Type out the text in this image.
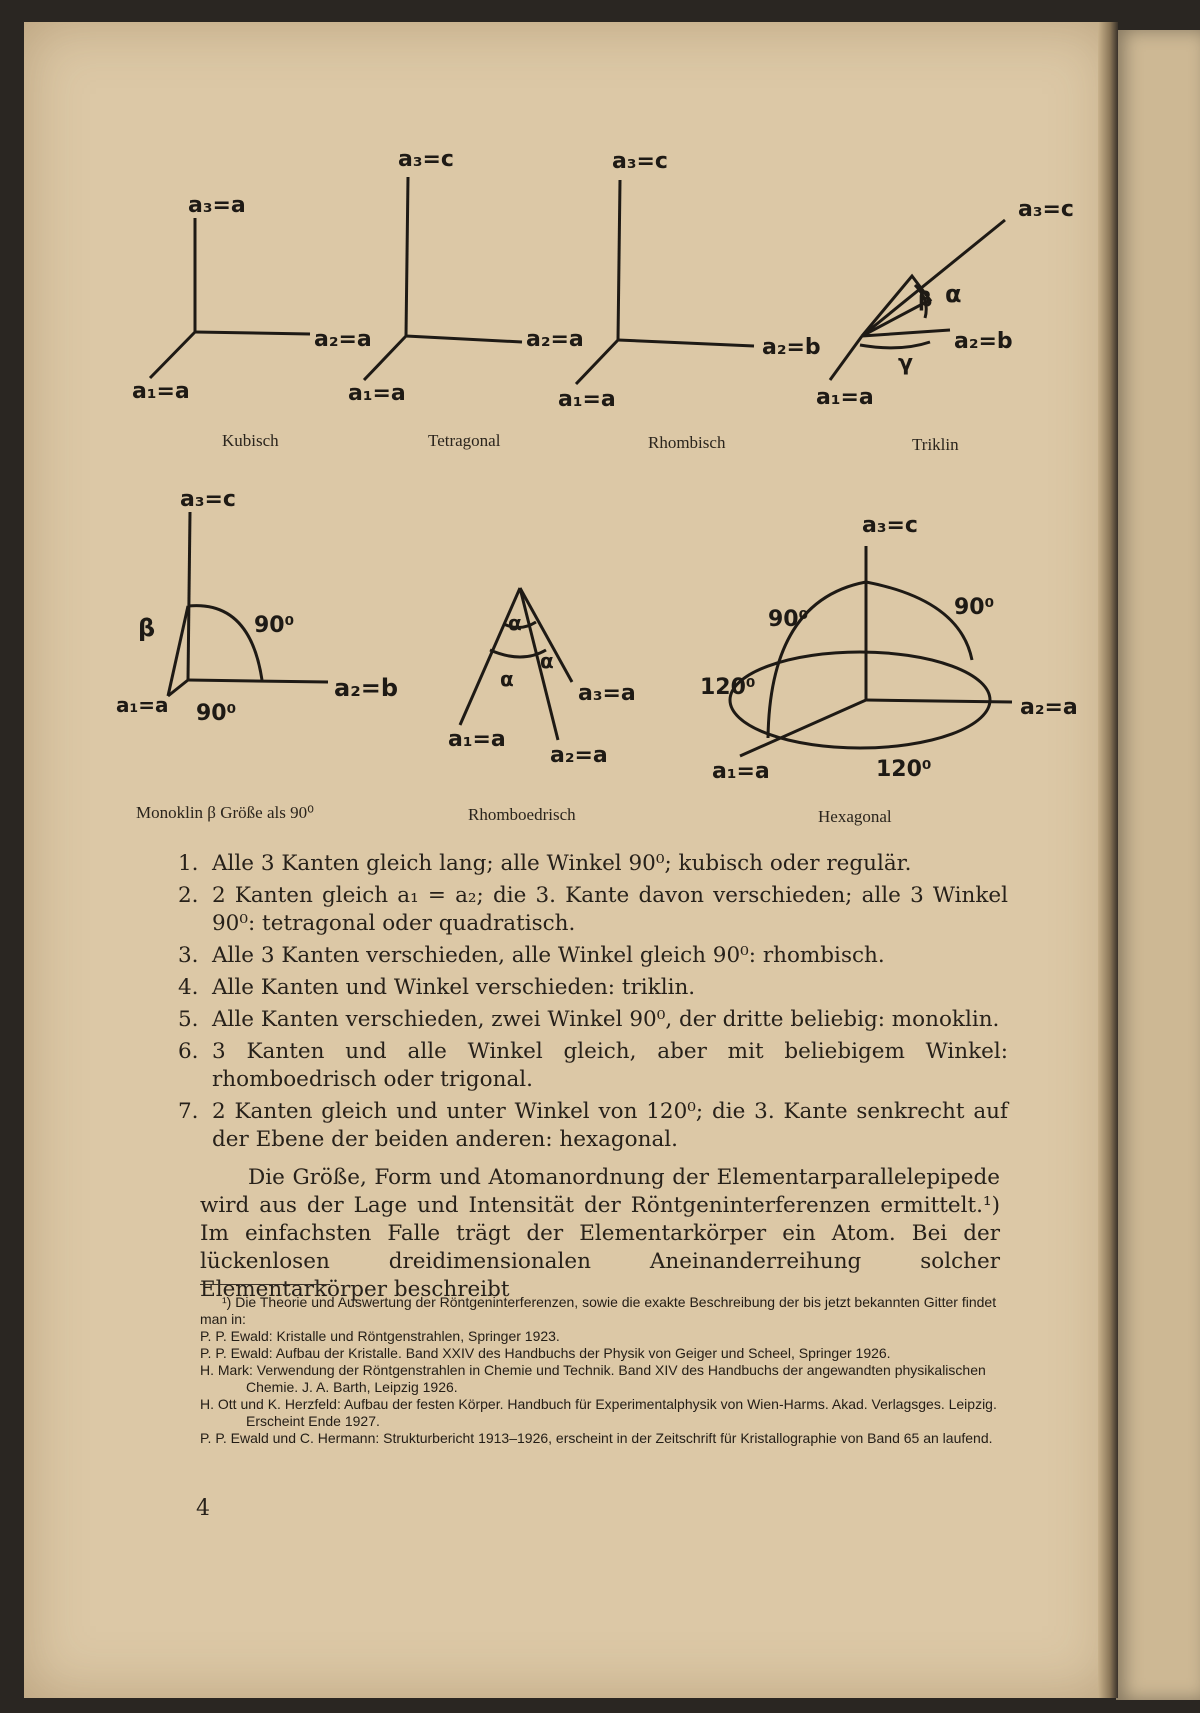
a₃=a
a₂=a
a₁=a
Kubisch
a₃=c
a₂=a
a₁=a
Tetragonal
a₃=c
a₂=b
a₁=a
Rhombisch
a₃=c
a₂=b
a₁=a
α
β
γ
Triklin
a₃=c
a₂=b
a₁=a
β	90⁰
90⁰
Monoklin β Größe als 90⁰
α
α
α
a₃=a
a₂=a
a₁=a
Rhomboedrisch
a₃=c
a₂=a
a₁=a
90⁰	90⁰
120⁰
120⁰
Hexagonal
1. Alle 3 Kanten gleich lang; alle Winkel 90⁰; kubisch oder regulär.
2. 2 Kanten gleich a₁ = a₂; die 3. Kante davon verschieden; alle 3 Winkel 90⁰: tetragonal oder quadratisch.
3. Alle 3 Kanten verschieden, alle Winkel gleich 90⁰: rhombisch.
4. Alle Kanten und Winkel verschieden: triklin.
5. Alle Kanten verschieden, zwei Winkel 90⁰, der dritte beliebig: monoklin.
6. 3 Kanten und alle Winkel gleich, aber mit beliebigem Winkel: rhomboedrisch oder trigonal.
7. 2 Kanten gleich und unter Winkel von 120⁰; die 3. Kante senkrecht auf der Ebene der beiden anderen: hexagonal.

Die Größe, Form und Atomanordnung der Elementarparallelepipede wird aus der Lage und Intensität der Röntgeninterferenzen ermittelt.¹) Im einfachsten Falle trägt der Elementarkörper ein Atom. Bei der lückenlosen dreidimensionalen Aneinanderreihung solcher Elementarkörper beschreibt

¹) Die Theorie und Auswertung der Röntgeninterferenzen, sowie die exakte Beschreibung der bis jetzt bekannten Gitter findet man in:
P. P. Ewald: Kristalle und Röntgenstrahlen, Springer 1923.
P. P. Ewald: Aufbau der Kristalle. Band XXIV des Handbuchs der Physik von Geiger und Scheel, Springer 1926.
H. Mark: Verwendung der Röntgenstrahlen in Chemie und Technik. Band XIV des Handbuchs der angewandten physikalischen Chemie. J. A. Barth, Leipzig 1926.
H. Ott und K. Herzfeld: Aufbau der festen Körper. Handbuch für Experimentalphysik von Wien-Harms. Akad. Verlagsges. Leipzig. Erscheint Ende 1927.
P. P. Ewald und C. Hermann: Strukturbericht 1913–1926, erscheint in der Zeitschrift für Kristallographie von Band 65 an laufend.
4
